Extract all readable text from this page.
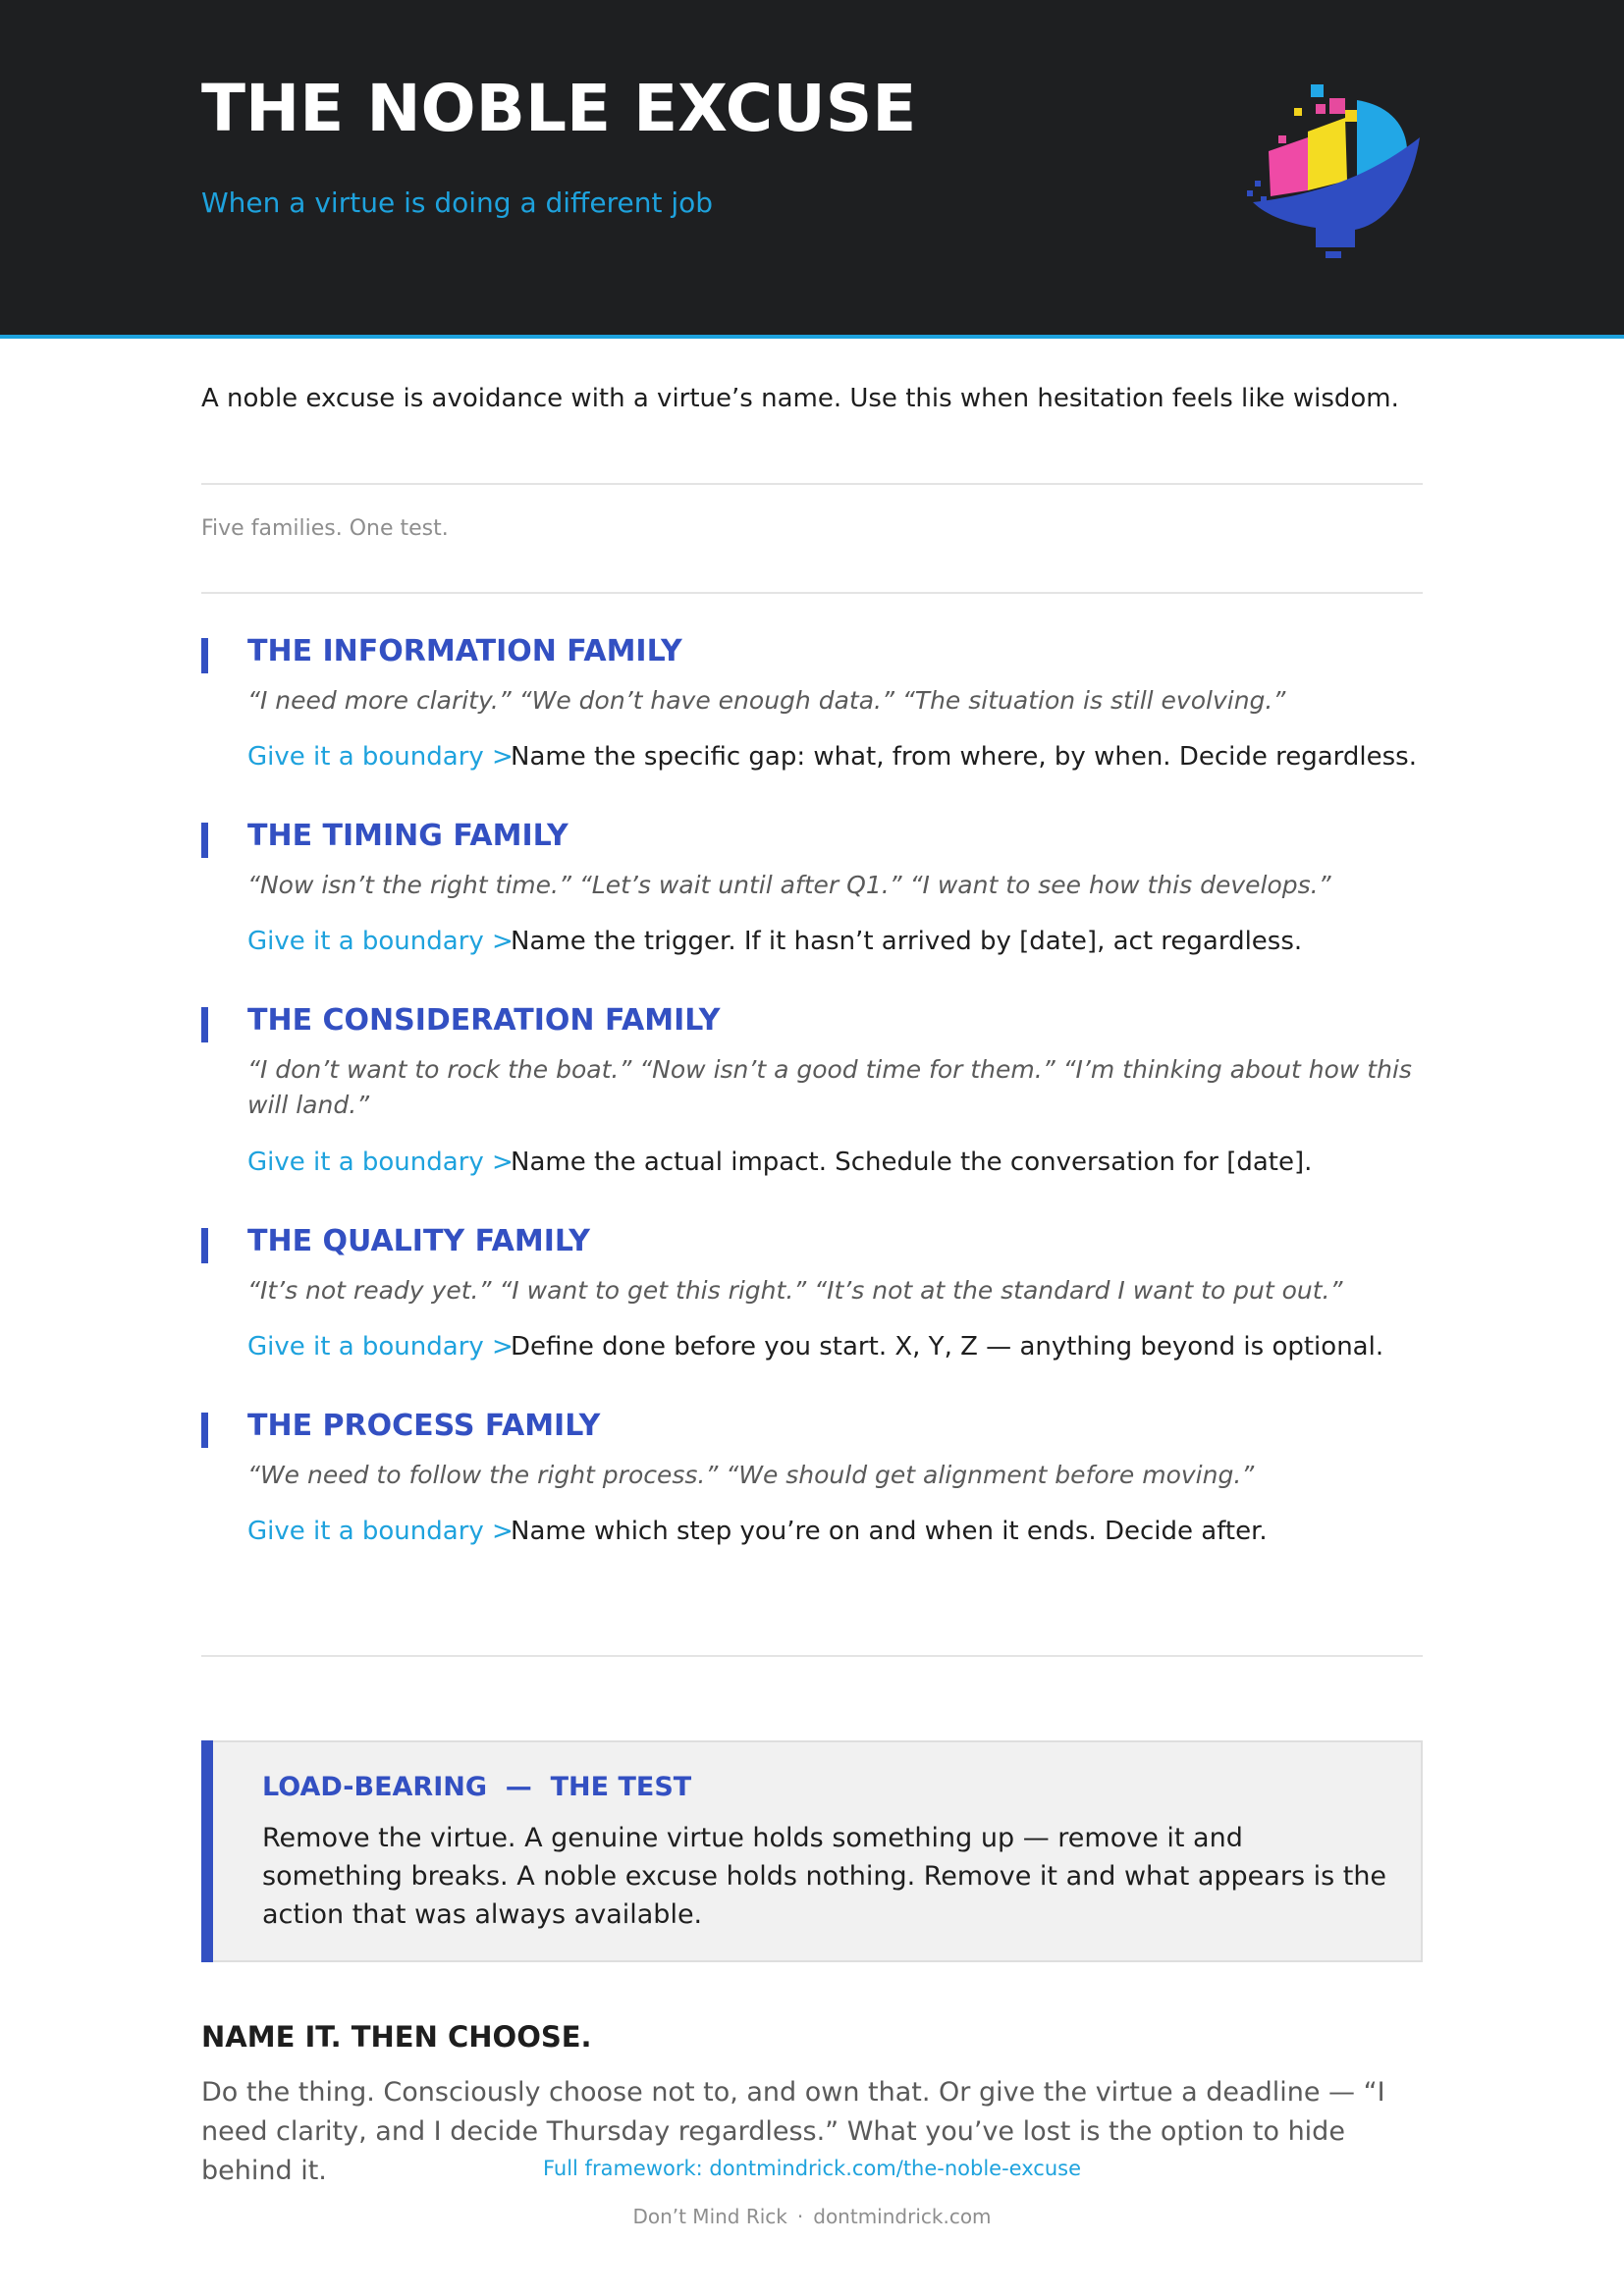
THE NOBLE EXCUSE
When a virtue is doing a different job
A noble excuse is avoidance with a virtue’s name. Use this when hesitation feels like wisdom.
Five families. One test.
THE INFORMATION FAMILY
“I need more clarity.” “We don’t have enough data.” “The situation is still evolving.”
Give it a boundary >Name the specific gap: what, from where, by when. Decide regardless.
THE TIMING FAMILY
“Now isn’t the right time.” “Let’s wait until after Q1.” “I want to see how this develops.”
Give it a boundary >Name the trigger. If it hasn’t arrived by [date], act regardless.
THE CONSIDERATION FAMILY
“I don’t want to rock the boat.” “Now isn’t a good time for them.” “I’m thinking about how this will land.”
Give it a boundary >Name the actual impact. Schedule the conversation for [date].
THE QUALITY FAMILY
“It’s not ready yet.” “I want to get this right.” “It’s not at the standard I want to put out.”
Give it a boundary >Define done before you start. X, Y, Z — anything beyond is optional.
THE PROCESS FAMILY
“We need to follow the right process.” “We should get alignment before moving.”
Give it a boundary >Name which step you’re on and when it ends. Decide after.
LOAD-BEARING  —  THE TEST
Remove the virtue. A genuine virtue holds something up — remove it and something breaks. A noble excuse holds nothing. Remove it and what appears is the action that was always available.
NAME IT. THEN CHOOSE.
Do the thing. Consciously choose not to, and own that. Or give the virtue a deadline — “I need clarity, and I decide Thursday regardless.” What you’ve lost is the option to hide behind it.	Full framework: dontmindrick.com/the-noble-excuse
Don’t Mind Rick · dontmindrick.com
